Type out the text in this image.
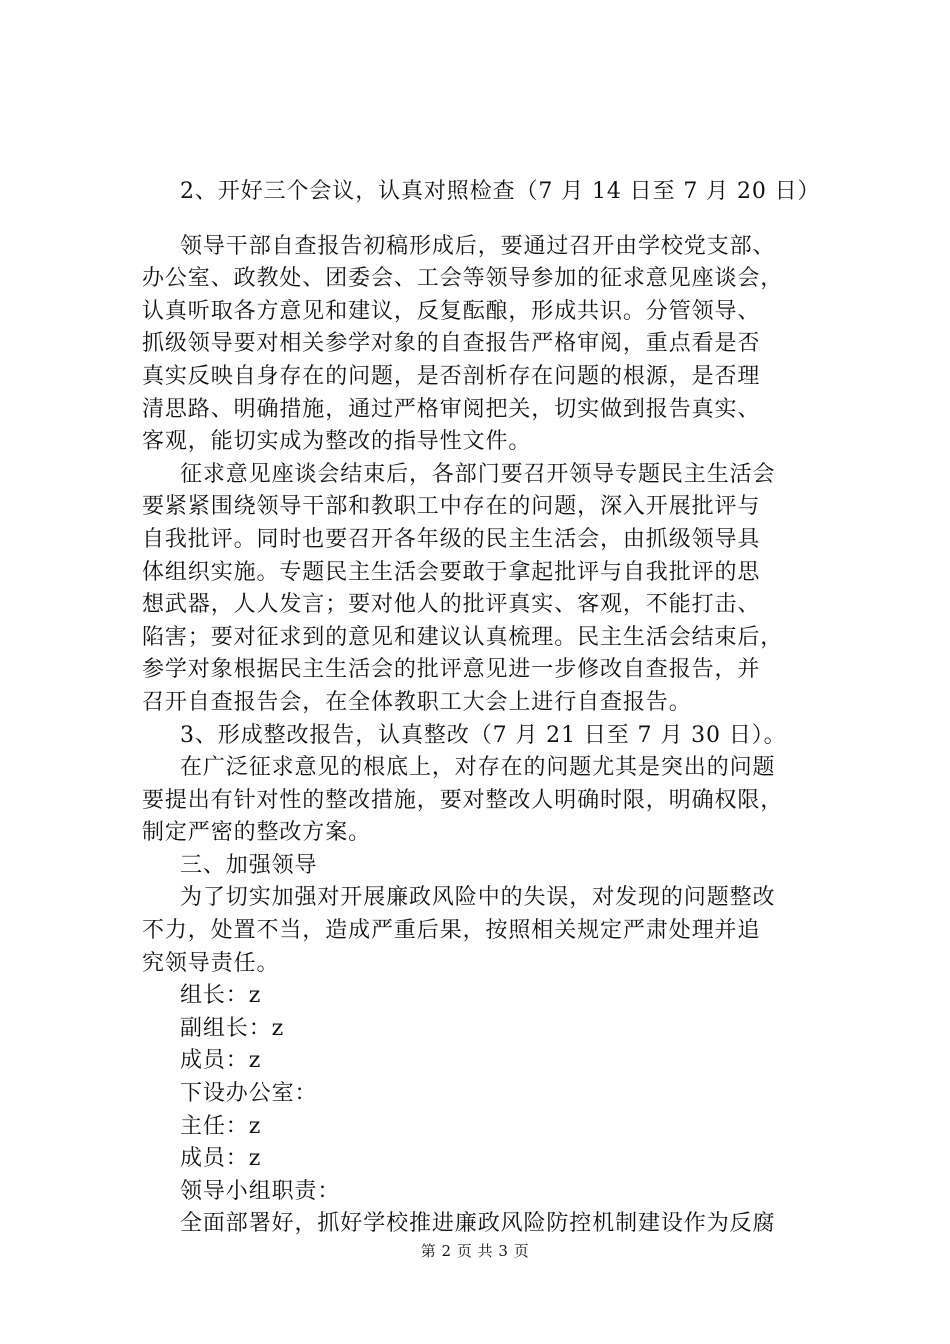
2、开好三个会议，认真对照检查（7 月 14 日至 7 月 20 日）
领导干部自查报告初稿形成后，要通过召开由学校党支部、
办公室、政教处、团委会、工会等领导参加的征求意见座谈会，
认真听取各方意见和建议，反复酝酿，形成共识。分管领导、
抓级领导要对相关参学对象的自查报告严格审阅，重点看是否
真实反映自身存在的问题，是否剖析存在问题的根源，是否理
清思路、明确措施，通过严格审阅把关，切实做到报告真实、
客观，能切实成为整改的指导性文件。
征求意见座谈会结束后，各部门要召开领导专题民主生活会
要紧紧围绕领导干部和教职工中存在的问题，深入开展批评与
自我批评。同时也要召开各年级的民主生活会，由抓级领导具
体组织实施。专题民主生活会要敢于拿起批评与自我批评的思
想武器，人人发言；要对他人的批评真实、客观，不能打击、
陷害；要对征求到的意见和建议认真梳理。民主生活会结束后，
参学对象根据民主生活会的批评意见进一步修改自查报告，并
召开自查报告会，在全体教职工大会上进行自查报告。
3、形成整改报告，认真整改（7 月 21 日至 7 月 30 日）。
在广泛征求意见的根底上，对存在的问题尤其是突出的问题
要提出有针对性的整改措施，要对整改人明确时限，明确权限，
制定严密的整改方案。
三、加强领导
为了切实加强对开展廉政风险中的失误，对发现的问题整改
不力，处置不当，造成严重后果，按照相关规定严肃处理并追
究领导责任。
组长：z
副组长：z
成员：z
下设办公室：
主任：z
成员：z
领导小组职责：
全面部署好，抓好学校推进廉政风险防控机制建设作为反腐
第 2 页 共 3 页
